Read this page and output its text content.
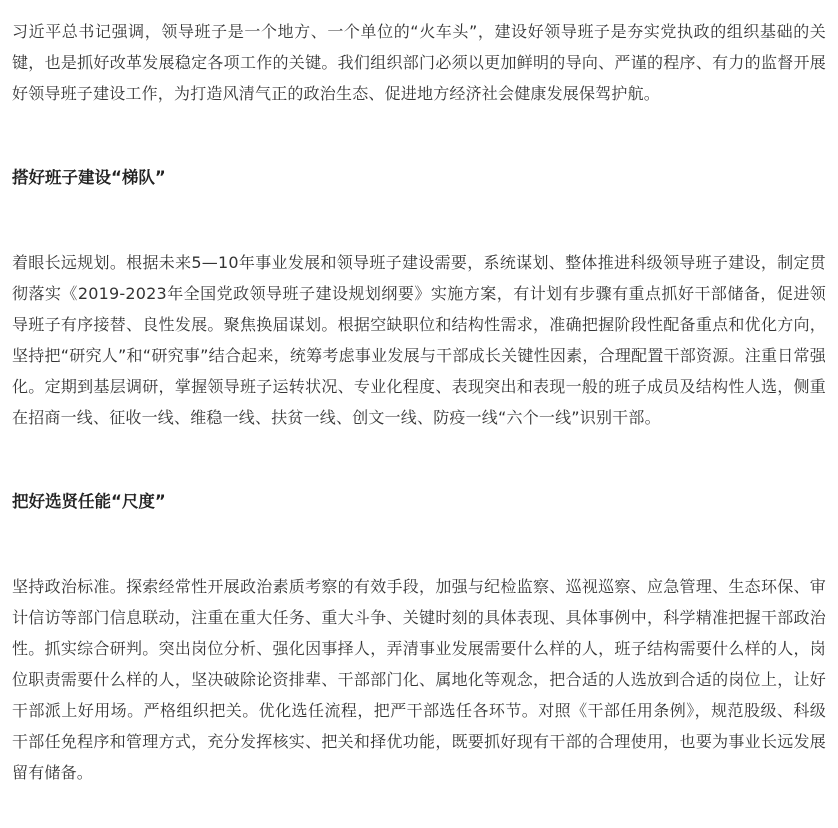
习近平总书记强调，领导班子是一个地方、一个单位的“火车头”，建设好领导班子是夯实党执政的组织基础的关键，也是抓好改革发展稳定各项工作的关键。我们组织部门必须以更加鲜明的导向、严谨的程序、有力的监督开展好领导班子建设工作，为打造风清气正的政治生态、促进地方经济社会健康发展保驾护航。

搭好班子建设“梯队”

着眼长远规划。根据未来5—10年事业发展和领导班子建设需要，系统谋划、整体推进科级领导班子建设，制定贯彻落实《2019-2023年全国党政领导班子建设规划纲要》实施方案，有计划有步骤有重点抓好干部储备，促进领导班子有序接替、良性发展。聚焦换届谋划。根据空缺职位和结构性需求，准确把握阶段性配备重点和优化方向，坚持把“研究人”和“研究事”结合起来，统筹考虑事业发展与干部成长关键性因素，合理配置干部资源。注重日常强化。定期到基层调研，掌握领导班子运转状况、专业化程度、表现突出和表现一般的班子成员及结构性人选，侧重在招商一线、征收一线、维稳一线、扶贫一线、创文一线、防疫一线“六个一线”识别干部。

把好选贤任能“尺度”

坚持政治标准。探索经常性开展政治素质考察的有效手段，加强与纪检监察、巡视巡察、应急管理、生态环保、审计信访等部门信息联动，注重在重大任务、重大斗争、关键时刻的具体表现、具体事例中，科学精准把握干部政治性。抓实综合研判。突出岗位分析、强化因事择人，弄清事业发展需要什么样的人，班子结构需要什么样的人，岗位职责需要什么样的人，坚决破除论资排辈、干部部门化、属地化等观念，把合适的人选放到合适的岗位上，让好干部派上好用场。严格组织把关。优化选任流程，把严干部选任各环节。对照《干部任用条例》，规范股级、科级干部任免程序和管理方式，充分发挥核实、把关和择优功能，既要抓好现有干部的合理使用，也要为事业长远发展留有储备。
